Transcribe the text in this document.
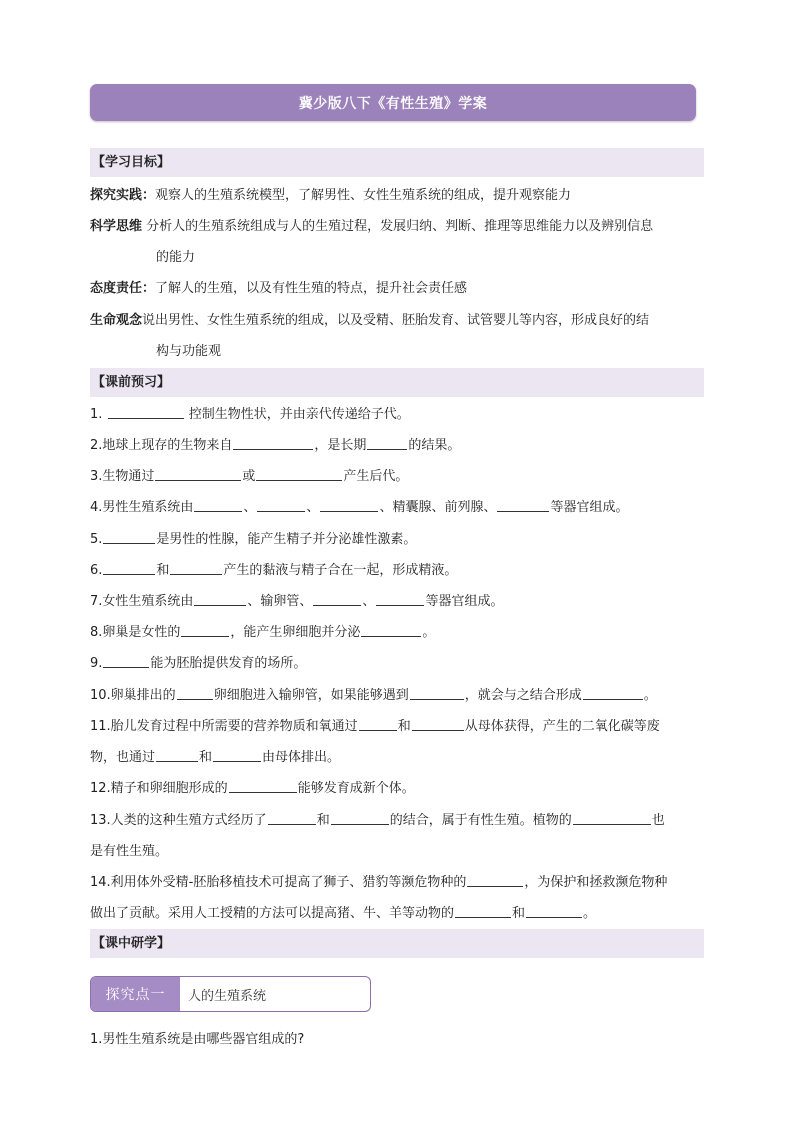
冀少版八下《有性生殖》学案
【学习目标】
探究实践：观察人的生殖系统模型，了解男性、女性生殖系统的组成，提升观察能力
科学思维 分析人的生殖系统组成与人的生殖过程，发展归纳、判断、推理等思维能力以及辨别信息
的能力
态度责任：了解人的生殖，以及有性生殖的特点，提升社会责任感
生命观念说出男性、女性生殖系统的组成，以及受精、胚胎发育、试管婴儿等内容，形成良好的结
构与功能观
【课前预习】
1.	控制生物性状，并由亲代传递给子代。
2.地球上现存的生物来自	，是长期	的结果。
3.生物通过	或	产生后代。
4.男性生殖系统由	、	、	、精囊腺、前列腺、	等器官组成。
5.	是男性的性腺，能产生精子并分泌雄性激素。
6.	和	产生的黏液与精子合在一起，形成精液。
7.女性生殖系统由	、输卵管、	、	等器官组成。
8.卵巢是女性的	，能产生卵细胞并分泌	。
9.	能为胚胎提供发育的场所。
10.卵巢排出的	卵细胞进入输卵管，如果能够遇到	，就会与之结合形成	。
11.胎儿发育过程中所需要的营养物质和氧通过	和	从母体获得，产生的二氧化碳等废
物，也通过	和	由母体排出。
12.精子和卵细胞形成的	能够发育成新个体。
13.人类的这种生殖方式经历了	和	的结合，属于有性生殖。植物的	也
是有性生殖。
14.利用体外受精-胚胎移植技术可提高了狮子、猎豹等濒危物种的	，为保护和拯救濒危物种
做出了贡献。采用人工授精的方法可以提高猪、牛、羊等动物的	和	。
【课中研学】
探究点一	人的生殖系统
1.男性生殖系统是由哪些器官组成的?
